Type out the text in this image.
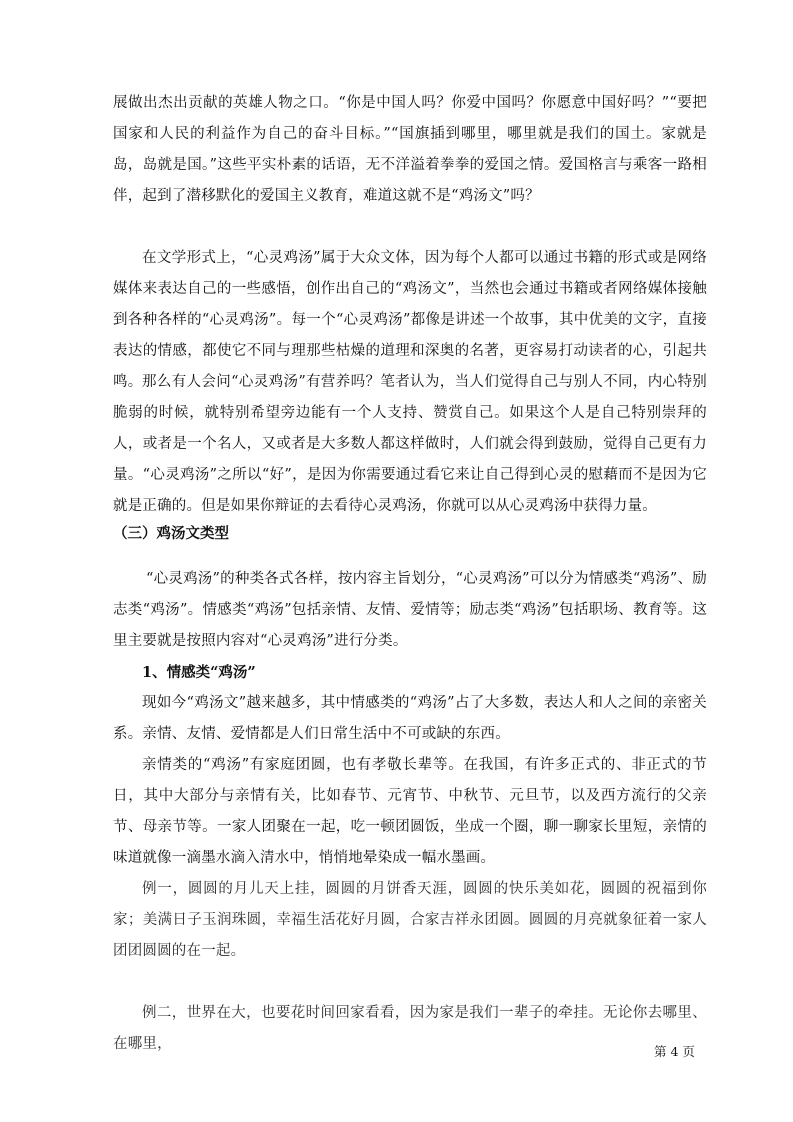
展做出杰出贡献的英雄人物之口。“你是中国人吗？你爱中国吗？你愿意中国好吗？”“要把国家和人民的利益作为自己的奋斗目标。”“国旗插到哪里，哪里就是我们的国土。家就是岛，岛就是国。”这些平实朴素的话语，无不洋溢着拳拳的爱国之情。爱国格言与乘客一路相伴，起到了潜移默化的爱国主义教育，难道这就不是“鸡汤文”吗？

在文学形式上，“心灵鸡汤”属于大众文体，因为每个人都可以通过书籍的形式或是网络媒体来表达自己的一些感悟，创作出自己的“鸡汤文”，当然也会通过书籍或者网络媒体接触到各种各样的“心灵鸡汤”。每一个“心灵鸡汤”都像是讲述一个故事，其中优美的文字，直接表达的情感，都使它不同与理那些枯燥的道理和深奥的名著，更容易打动读者的心，引起共鸣。 那么有人会问“心灵鸡汤”有营养吗？笔者认为，当人们觉得自己与别人不同，内心特别脆弱的时候，就特别希望旁边能有一个人支持、赞赏自己。如果这个人是自己特别崇拜的人，或者是一个名人，又或者是大多数人都这样做时，人们就会得到鼓励，觉得自己更有力量。“心灵鸡汤”之所以“好”，是因为你需要通过看它来让自己得到心灵的慰藉而不是因为它就是正确的。但是如果你辩证的去看待心灵鸡汤，你就可以从心灵鸡汤中获得力量。

（三）鸡汤文类型

“心灵鸡汤”的种类各式各样，按内容主旨划分，“心灵鸡汤”可以分为情感类“鸡汤”、励志类“鸡汤”。情感类“鸡汤”包括亲情、友情、爱情等；励志类“鸡汤”包括职场、教育等。这里主要就是按照内容对“心灵鸡汤”进行分类。

1、情感类“鸡汤”

现如今“鸡汤文”越来越多，其中情感类的“鸡汤”占了大多数，表达人和人之间的亲密关系。亲情、友情、爱情都是人们日常生活中不可或缺的东西。

亲情类的“鸡汤”有家庭团圆，也有孝敬长辈等。在我国，有许多正式的、非正式的节日，其中大部分与亲情有关，比如春节、元宵节、中秋节、元旦节，以及西方流行的父亲节、母亲节等。一家人团聚在一起，吃一顿团圆饭，坐成一个圈，聊一聊家长里短，亲情的味道就像一滴墨水滴入清水中，悄悄地晕染成一幅水墨画。

例一，圆圆的月儿天上挂，圆圆的月饼香天涯，圆圆的快乐美如花，圆圆的祝福到你家；美满日子玉润珠圆，幸福生活花好月圆，合家吉祥永团圆。圆圆的月亮就象征着一家人团团圆圆的在一起。

例二，世界在大，也要花时间回家看看，因为家是我们一辈子的牵挂。无论你去哪里、在哪里，	第 4 页
